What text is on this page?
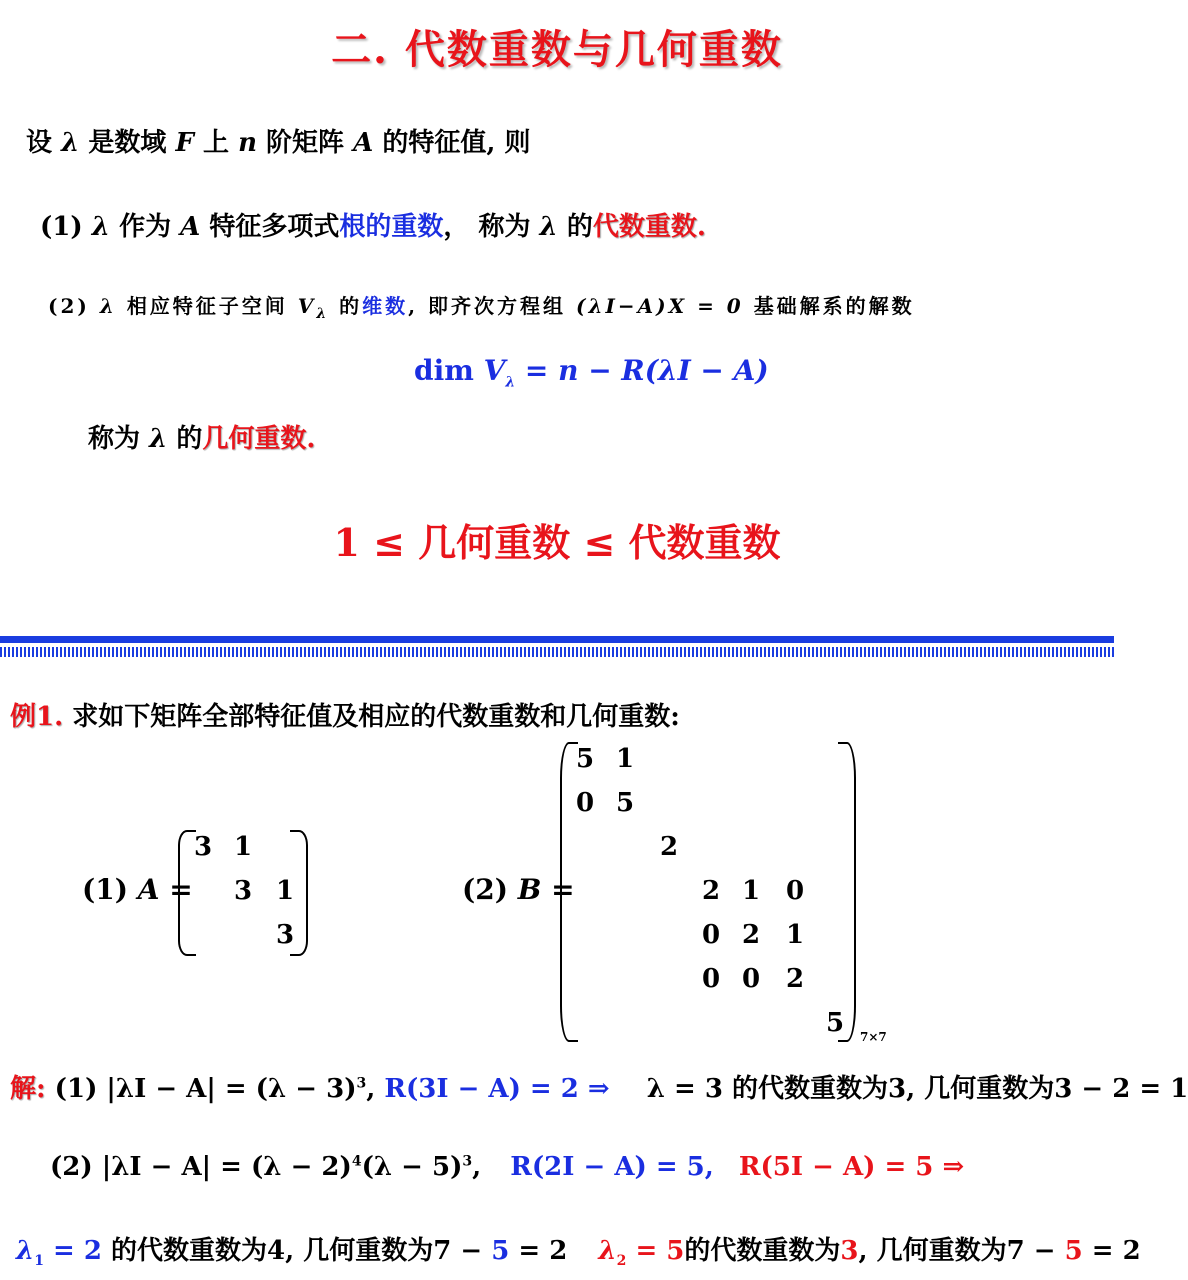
二. 代数重数与几何重数
设 λ 是数域 F 上 n 阶矩阵 A 的特征值, 则
(1) λ 作为 A 特征多项式根的重数， 称为 λ 的代数重数.
(2) λ 相应特征子空间 $V_\lambda$ 的维数, 即齐次方程组 (λI−A)X = 0 基础解系的解数
dim $V_\lambda = n - R(\lambda I - A)$
称为 λ 的几何重数.
1 ≤ 几何重数 ≤ 代数重数
例1. 求如下矩阵全部特征值及相应的代数重数和几何重数:
(1) A =
3 1
3 1
3
(2) B =
5 1
0 5
2
2 1 0
0 2 1
0 0 2
5 7×7
解: (1) $|\lambda I - A| = (\lambda - 3)^3$, R(3I − A) = 2 ⇒ λ = 3 的代数重数为3, 几何重数为3 − 2 = 1
(2) $|\lambda I - A| = (\lambda - 2)^4(\lambda - 5)^3$, R(2I − A) = 5, R(5I − A) = 5 ⇒
$\lambda_1 = 2$ 的代数重数为4, 几何重数为7 − 5 = 2 $\lambda_2 = 5$的代数重数为3, 几何重数为7 − 5 = 2
